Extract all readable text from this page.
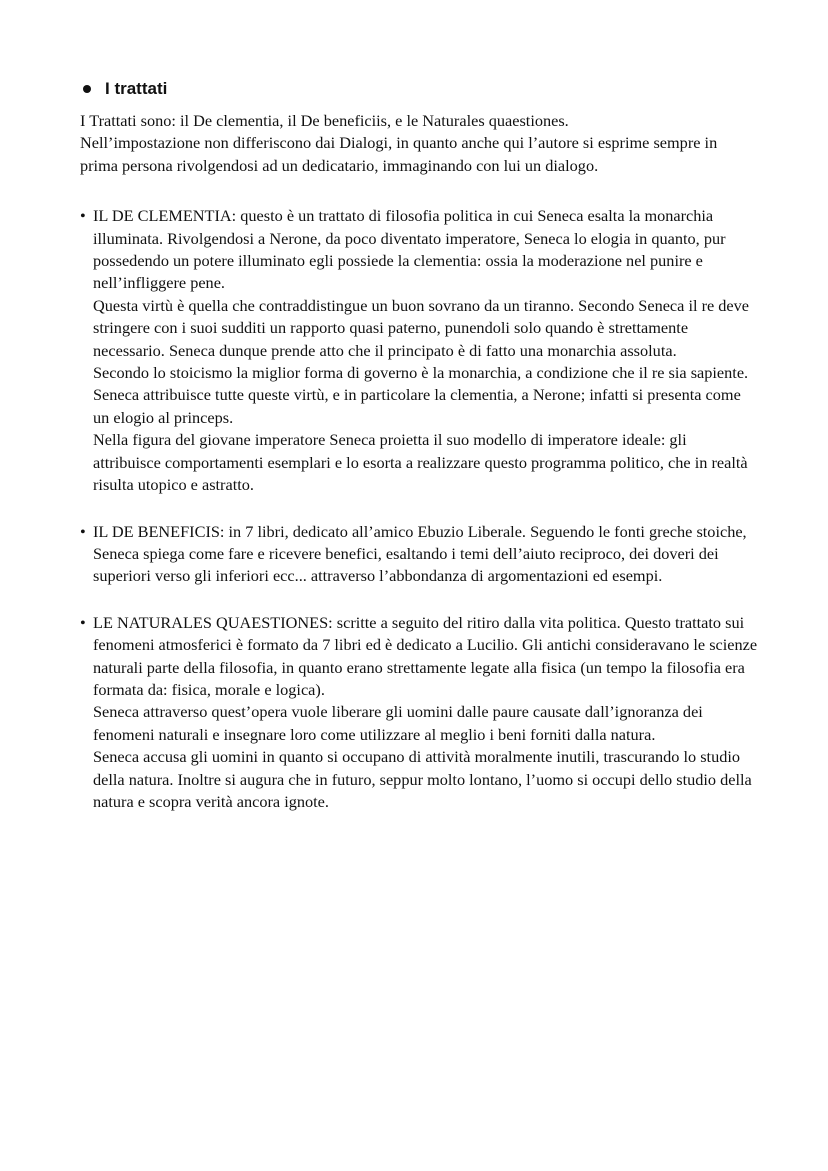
I trattati

I Trattati sono: il De clementia, il De beneficiis, e le Naturales quaestiones.

Nell’impostazione non differiscono dai Dialogi, in quanto anche qui l’autore si esprime sempre in prima persona rivolgendosi ad un dedicatario, immaginando con lui un dialogo.

• IL DE CLEMENTIA: questo è un trattato di filosofia politica in cui Seneca esalta la monarchia illuminata. Rivolgendosi a Nerone, da poco diventato imperatore, Seneca lo elogia in quanto, pur possedendo un potere illuminato egli possiede la clementia: ossia la moderazione nel punire e nell’infliggere pene.

Questa virtù è quella che contraddistingue un buon sovrano da un tiranno. Secondo Seneca il re deve stringere con i suoi sudditi un rapporto quasi paterno, punendoli solo quando è strettamente necessario. Seneca dunque prende atto che il principato è di fatto una monarchia assoluta.

Secondo lo stoicismo la miglior forma di governo è la monarchia, a condizione che il re sia sapiente. Seneca attribuisce tutte queste virtù, e in particolare la clementia, a Nerone; infatti si presenta come un elogio al princeps.

Nella figura del giovane imperatore Seneca proietta il suo modello di imperatore ideale: gli attribuisce comportamenti esemplari e lo esorta a realizzare questo programma politico, che in realtà risulta utopico e astratto.

• IL DE BENEFICIS: in 7 libri, dedicato all’amico Ebuzio Liberale. Seguendo le fonti greche stoiche, Seneca spiega come fare e ricevere benefici, esaltando i temi dell’aiuto reciproco, dei doveri dei superiori verso gli inferiori ecc... attraverso l’abbondanza di argomentazioni ed esempi.

• LE NATURALES QUAESTIONES: scritte a seguito del ritiro dalla vita politica. Questo trattato sui fenomeni atmosferici è formato da 7 libri ed è dedicato a Lucilio. Gli antichi consideravano le scienze naturali parte della filosofia, in quanto erano strettamente legate alla fisica (un tempo la filosofia era formata da: fisica, morale e logica).

Seneca attraverso quest’opera vuole liberare gli uomini dalle paure causate dall’ignoranza dei fenomeni naturali e insegnare loro come utilizzare al meglio i beni forniti dalla natura.

Seneca accusa gli uomini in quanto si occupano di attività moralmente inutili, trascurando lo studio della natura. Inoltre si augura che in futuro, seppur molto lontano, l’uomo si occupi dello studio della natura e scopra verità ancora ignote.
